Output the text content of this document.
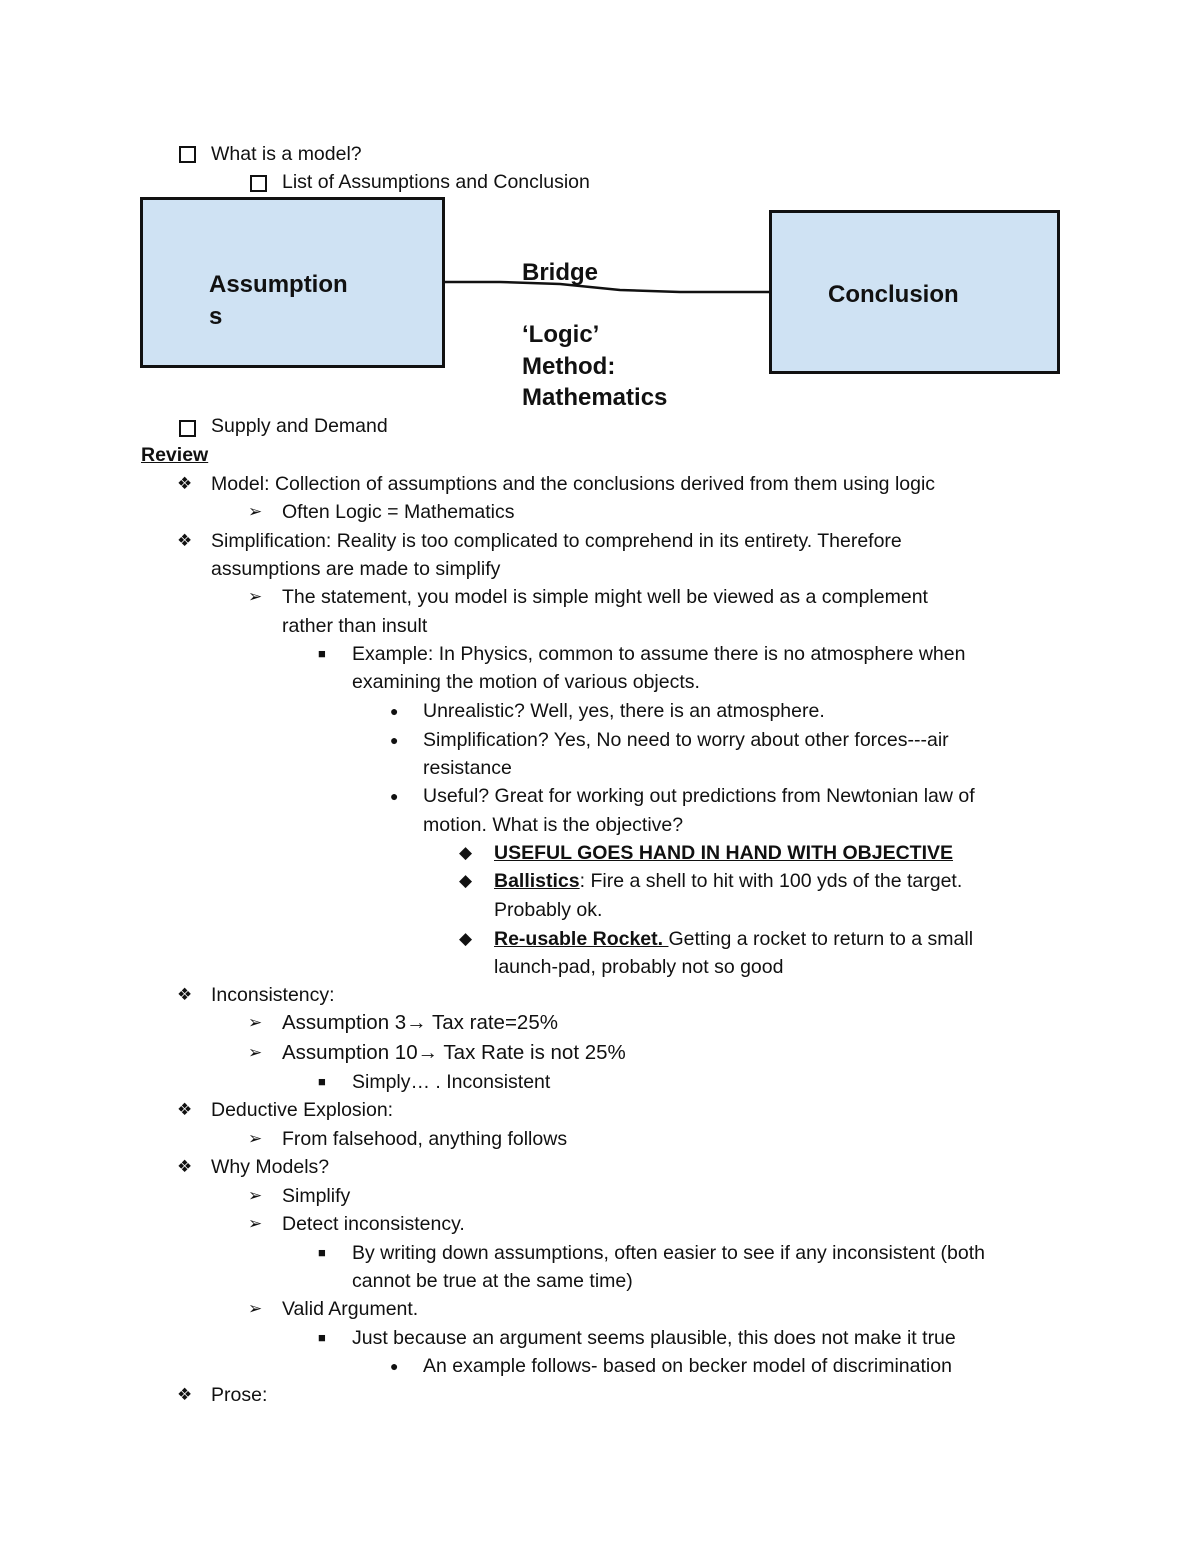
What is a model?
List of Assumptions and Conclusion
Assumption
s
Conclusion
Bridge
‘Logic’
Method:
Mathematics
Supply and Demand
Review
❖ Model: Collection of assumptions and the conclusions derived from them using logic
➢ Often Logic = Mathematics
❖ Simplification: Reality is too complicated to comprehend in its entirety. Therefore
assumptions are made to simplify
➢ The statement, you model is simple might well be viewed as a complement
rather than insult
■ Example: In Physics, common to assume there is no atmosphere when
examining the motion of various objects.
● Unrealistic? Well, yes, there is an atmosphere.
● Simplification? Yes, No need to worry about other forces---air
resistance
● Useful? Great for working out predictions from Newtonian law of
motion. What is the objective?
◆ USEFUL GOES HAND IN HAND WITH OBJECTIVE
◆ Ballistics: Fire a shell to hit with 100 yds of the target.
Probably ok.
◆ Re-usable Rocket. Getting a rocket to return to a small
launch-pad, probably not so good
❖ Inconsistency:
➢ Assumption 3→ Tax rate=25%
➢ Assumption 10→ Tax Rate is not 25%
■ Simply… . Inconsistent
❖ Deductive Explosion:
➢ From falsehood, anything follows
❖ Why Models?
➢ Simplify
➢ Detect inconsistency.
■ By writing down assumptions, often easier to see if any inconsistent (both
cannot be true at the same time)
➢ Valid Argument.
■ Just because an argument seems plausible, this does not make it true
● An example follows- based on becker model of discrimination
❖ Prose:
